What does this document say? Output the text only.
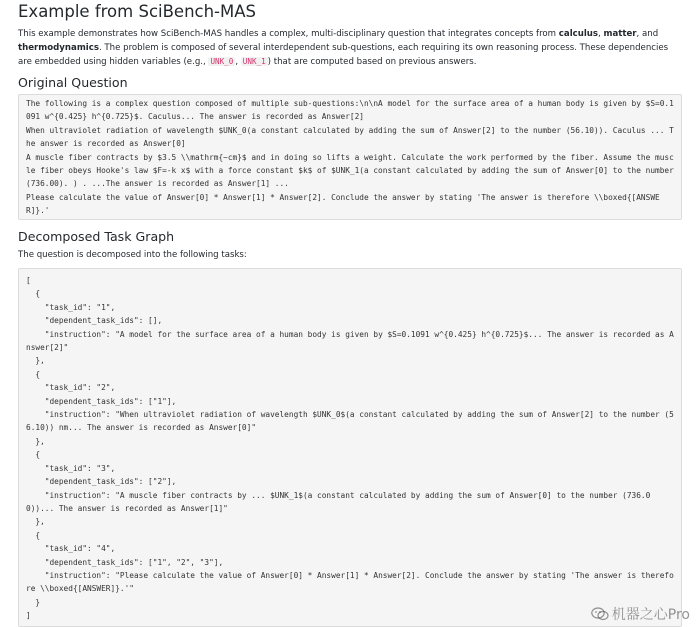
Example from SciBench-MAS

This example demonstrates how SciBench-MAS handles a complex, multi-disciplinary question that integrates concepts from calculus, matter, and thermodynamics. The problem is composed of several interdependent sub-questions, each requiring its own reasoning process. These dependencies are embedded using hidden variables (e.g., UNK_0 , UNK_1 ) that are computed based on previous answers.

Original Question
The following is a complex question composed of multiple sub-questions:\n\nA model for the surface area of a human body is given by $S=0.1091 w^{0.425} h^{0.725}$. Caculus... The answer is recorded as Answer[2]
When ultraviolet radiation of wavelength $UNK_0(a constant calculated by adding the sum of Answer[2] to the number (56.10)). Caculus ... The answer is recorded as Answer[0]
A muscle fiber contracts by $3.5 \\mathrm{~cm}$ and in doing so lifts a weight. Calculate the work performed by the fiber. Assume the muscle fiber obeys Hooke's law $F=-k x$ with a force constant $k$ of $UNK_1(a constant calculated by adding the sum of Answer[0] to the number (736.00). ) . ...The answer is recorded as Answer[1] ...
Please calculate the value of Answer[0] * Answer[1] * Answer[2]. Conclude the answer by stating 'The answer is therefore \\boxed{[ANSWER]}.'
Decomposed Task Graph
The question is decomposed into the following tasks:
[
{
"task_id": "1",
"dependent_task_ids": [],
"instruction": "A model for the surface area of a human body is given by $S=0.1091 w^{0.425} h^{0.725}$... The answer is recorded as Answer[2]"
},
{
"task_id": "2",
"dependent_task_ids": ["1"],
"instruction": "When ultraviolet radiation of wavelength $UNK_0$(a constant calculated by adding the sum of Answer[2] to the number (56.10)) nm... The answer is recorded as Answer[0]"
},
{
"task_id": "3",
"dependent_task_ids": ["2"],
"instruction": "A muscle fiber contracts by ... $UNK_1$(a constant calculated by adding the sum of Answer[0] to the number (736.00))... The answer is recorded as Answer[1]"
},
{
"task_id": "4",
"dependent_task_ids": ["1", "2", "3"],
"instruction": "Please calculate the value of Answer[0] * Answer[1] * Answer[2]. Conclude the answer by stating 'The answer is therefore \\boxed{[ANSWER]}.'"
}
]	机器之心Pro
